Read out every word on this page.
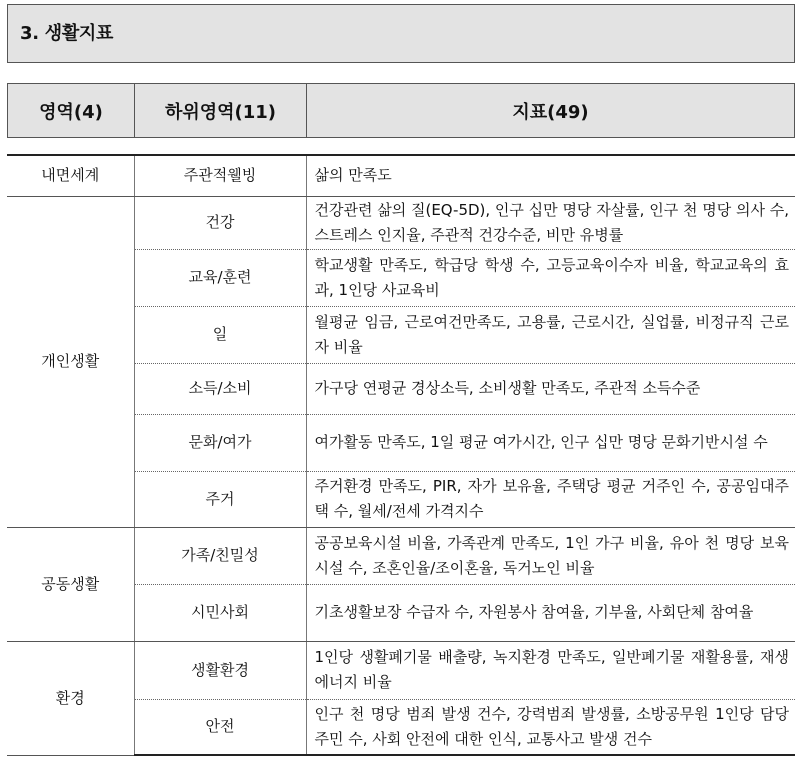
3. 생활지표
영역(4)	하위영역(11)	지표(49)
내면세계	주관적웰빙	삶의 만족도
개인생활	건강	건강관련 삶의 질(EQ-5D), 인구 십만 명당 자살률, 인구 천 명당 의사 수, 스트레스 인지율, 주관적 건강수준, 비만 유병률
	교육/훈련	학교생활 만족도, 학급당 학생 수, 고등교육이수자 비율, 학교교육의 효과, 1인당 사교육비
	일	월평균 임금, 근로여건만족도, 고용률, 근로시간, 실업률, 비정규직 근로자 비율
	소득/소비	가구당 연평균 경상소득, 소비생활 만족도, 주관적 소득수준
	문화/여가	여가활동 만족도, 1일 평균 여가시간, 인구 십만 명당 문화기반시설 수
	주거	주거환경 만족도, PIR, 자가 보유율, 주택당 평균 거주인 수, 공공임대주택 수, 월세/전세 가격지수
공동생활	가족/친밀성	공공보육시설 비율, 가족관계 만족도, 1인 가구 비율, 유아 천 명당 보육시설 수, 조혼인율/조이혼율, 독거노인 비율
	시민사회	기초생활보장 수급자 수, 자원봉사 참여율, 기부율, 사회단체 참여율
환경	생활환경	1인당 생활폐기물 배출량, 녹지환경 만족도, 일반폐기물 재활용률, 재생에너지 비율
	안전	인구 천 명당 범죄 발생 건수, 강력범죄 발생률, 소방공무원 1인당 담당 주민 수, 사회 안전에 대한 인식, 교통사고 발생 건수
